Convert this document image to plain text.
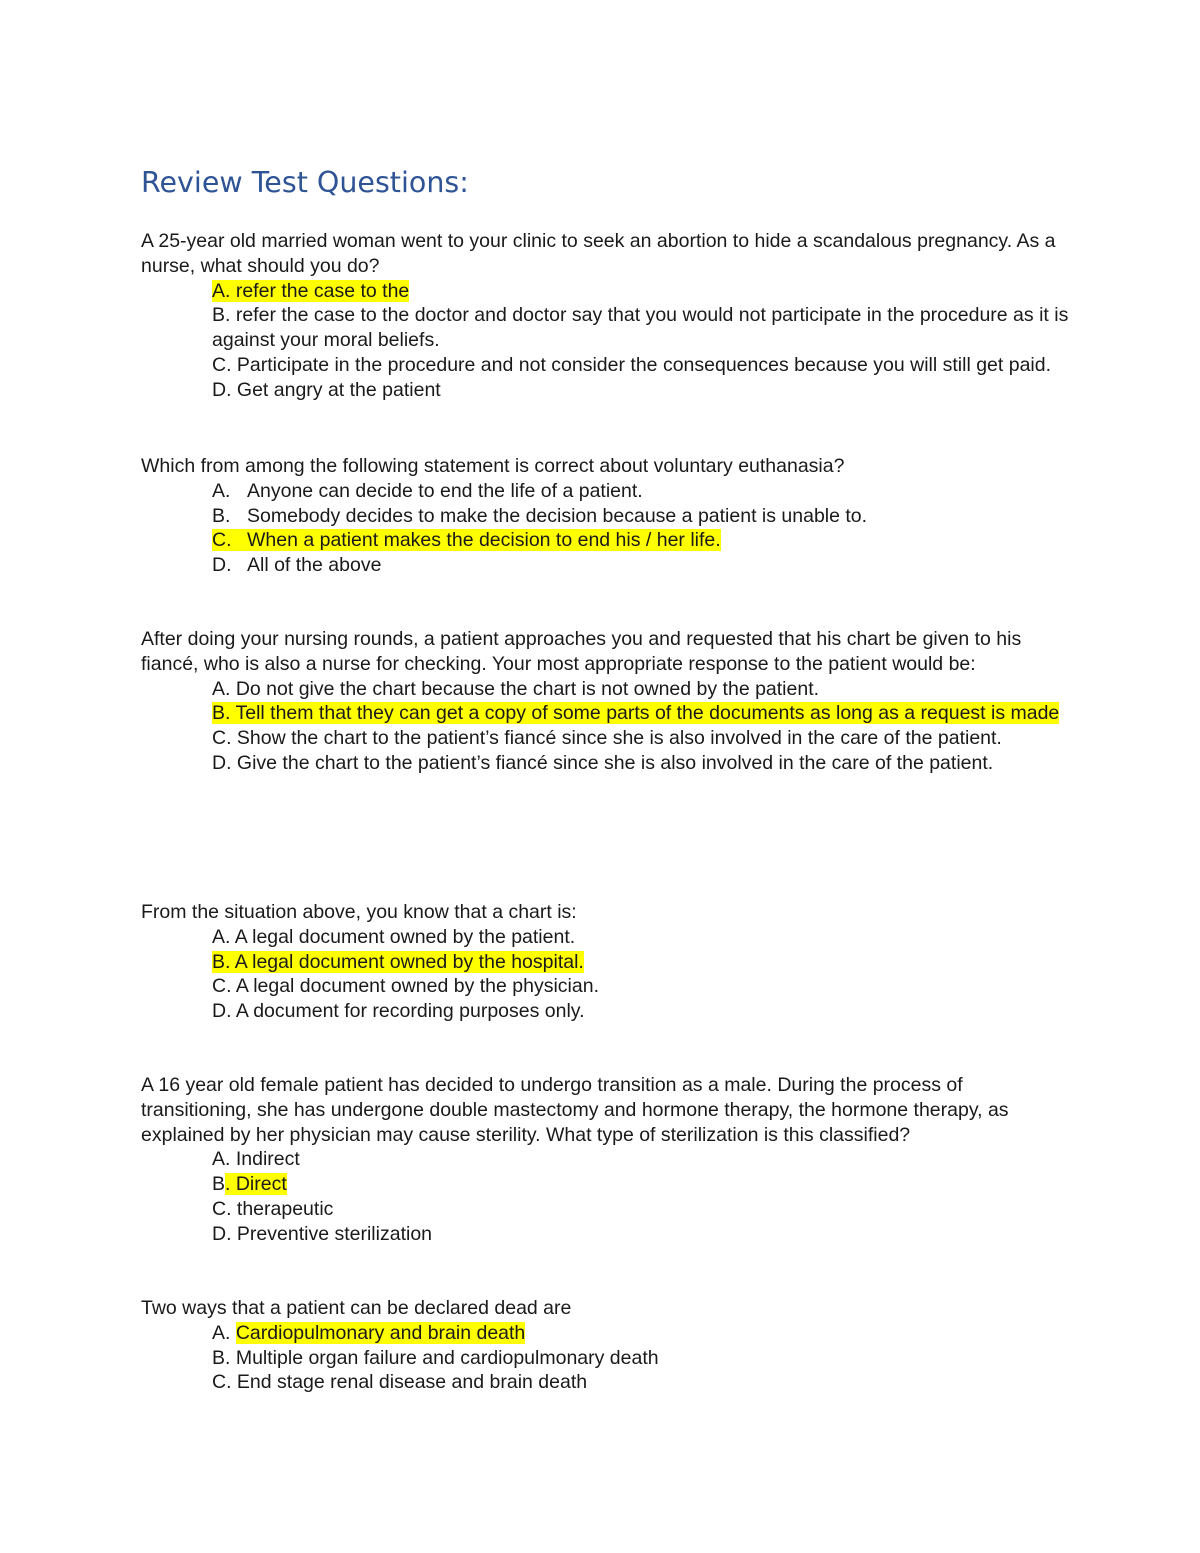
Review Test Questions:

A 25-year old married woman went to your clinic to seek an abortion to hide a scandalous pregnancy. As a nurse, what should you do?

A. refer the case to the
B. refer the case to the doctor and doctor say that you would not participate in the procedure as it is against your moral beliefs.
C. Participate in the procedure and not consider the consequences because you will still get paid.
D. Get angry at the patient

Which from among the following statement is correct about voluntary euthanasia?

A. Anyone can decide to end the life of a patient.
B. Somebody decides to make the decision because a patient is unable to.
C. When a patient makes the decision to end his / her life.
D. All of the above

After doing your nursing rounds, a patient approaches you and requested that his chart be given to his fiancé, who is also a nurse for checking. Your most appropriate response to the patient would be:

A. Do not give the chart because the chart is not owned by the patient.
B. Tell them that they can get a copy of some parts of the documents as long as a request is made
C. Show the chart to the patient’s fiancé since she is also involved in the care of the patient.
D. Give the chart to the patient’s fiancé since she is also involved in the care of the patient.

From the situation above, you know that a chart is:

A. A legal document owned by the patient.
B. A legal document owned by the hospital.
C. A legal document owned by the physician.
D. A document for recording purposes only.

A 16 year old female patient has decided to undergo transition as a male. During the process of transitioning, she has undergone double mastectomy and hormone therapy, the hormone therapy, as explained by her physician may cause sterility. What type of sterilization is this classified?

A. Indirect
B. Direct
C. therapeutic
D. Preventive sterilization

Two ways that a patient can be declared dead are

A. Cardiopulmonary and brain death
B. Multiple organ failure and cardiopulmonary death
C. End stage renal disease and brain death
